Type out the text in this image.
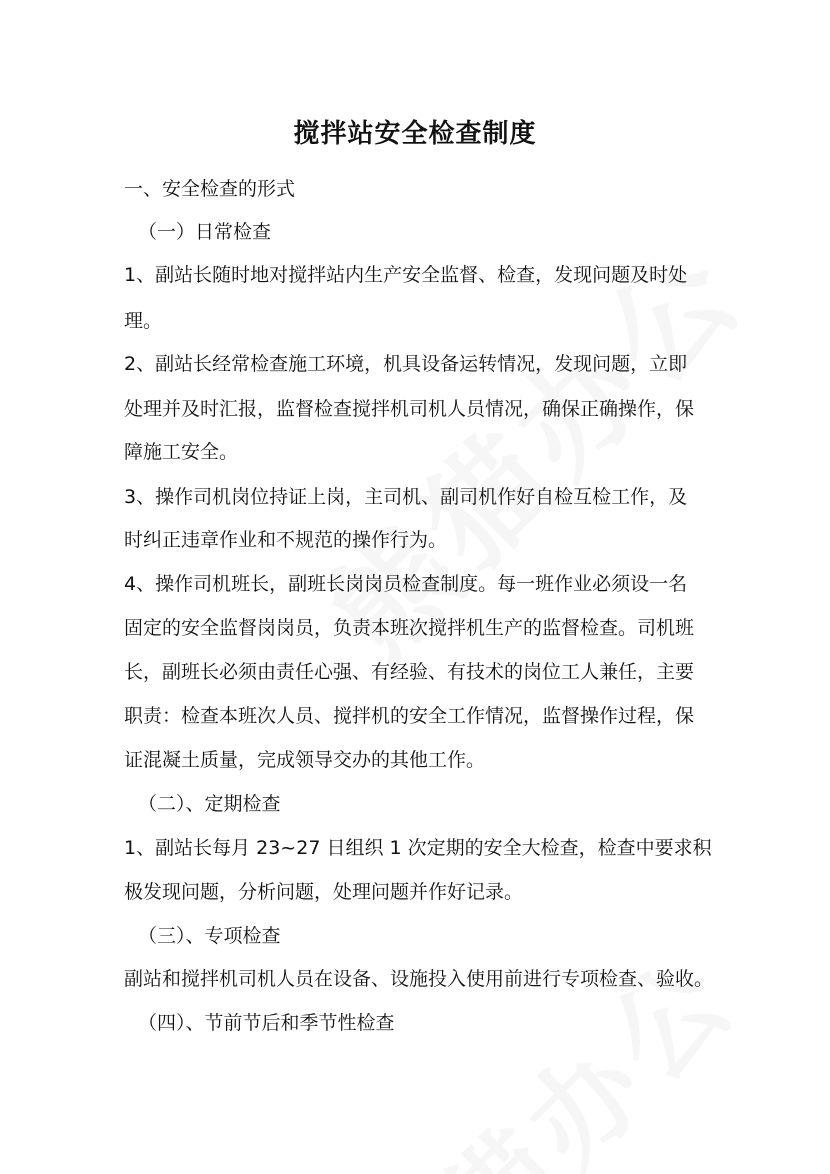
搅拌站安全检查制度

一、安全检查的形式

（一）日常检查

1、副站长随时地对搅拌站内生产安全监督、检查，发现问题及时处

理。

2、副站长经常检查施工环境，机具设备运转情况，发现问题，立即

处理并及时汇报，监督检查搅拌机司机人员情况，确保正确操作，保

障施工安全。

3、操作司机岗位持证上岗，主司机、副司机作好自检互检工作，及

时纠正违章作业和不规范的操作行为。

4、操作司机班长，副班长岗岗员检查制度。每一班作业必须设一名

固定的安全监督岗岗员，负责本班次搅拌机生产的监督检查。司机班

长，副班长必须由责任心强、有经验、有技术的岗位工人兼任，主要

职责：检查本班次人员、搅拌机的安全工作情况，监督操作过程，保

证混凝土质量，完成领导交办的其他工作。

（二）、定期检查

1、副站长每月 23~27 日组织 1 次定期的安全大检查，检查中要求积

极发现问题，分析问题，处理问题并作好记录。

（三）、专项检查

副站和搅拌机司机人员在设备、设施投入使用前进行专项检查、验收。

（四）、节前节后和季节性检查
